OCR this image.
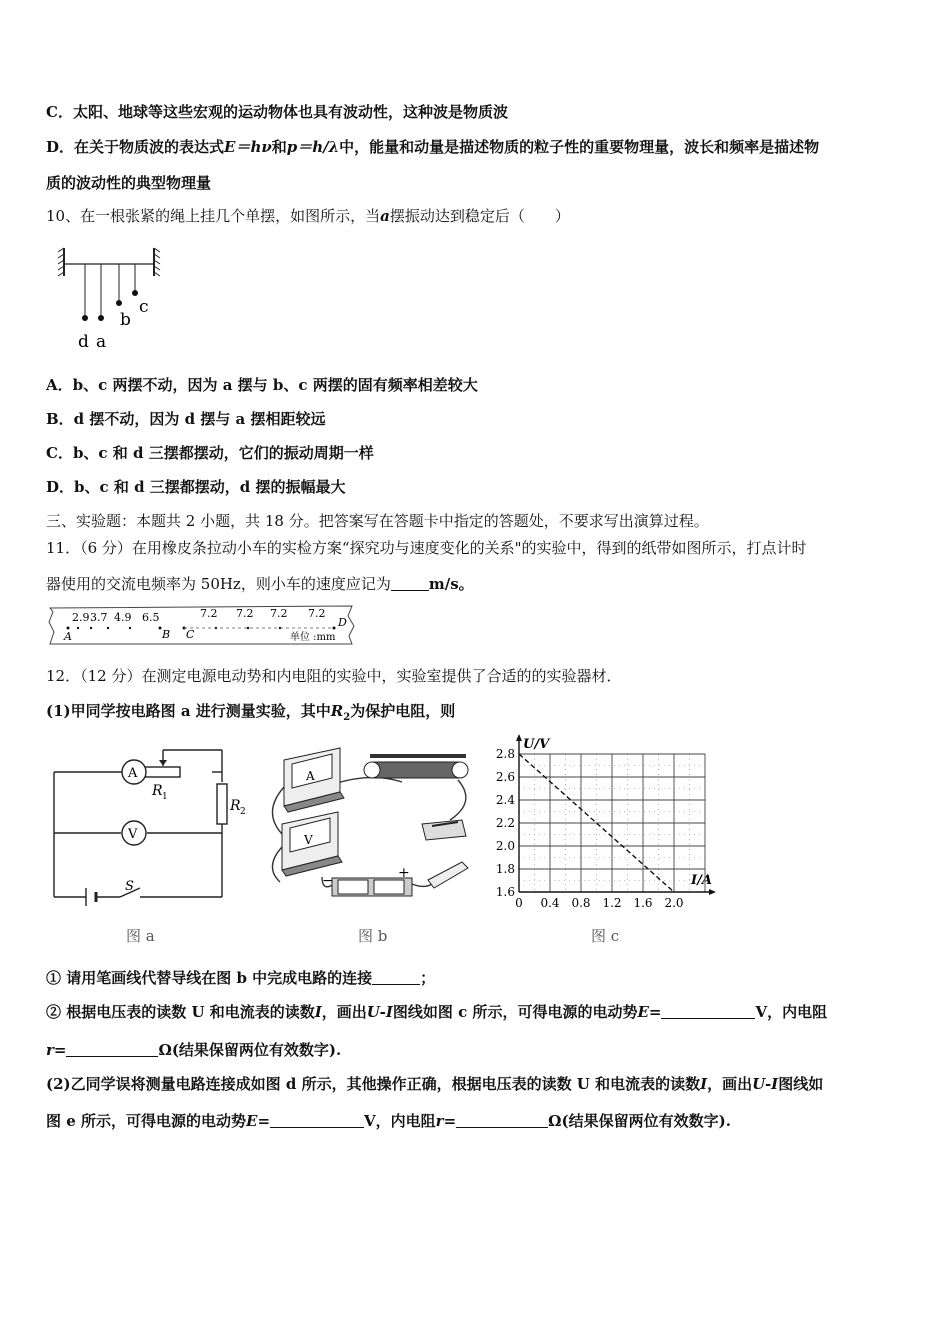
C．太阳、地球等这些宏观的运动物体也具有波动性，这种波是物质波
D．在关于物质波的表达式E＝hν和p＝h/λ中，能量和动量是描述物质的粒子性的重要物理量，波长和频率是描述物
质的波动性的典型物理量
10、在一根张紧的绳上挂几个单摆，如图所示，当a摆振动达到稳定后（　　）
d a
b
c
A．b、c 两摆不动，因为 a 摆与 b、c 两摆的固有频率相差较大
B．d 摆不动，因为 d 摆与 a 摆相距较远
C．b、c 和 d 三摆都摆动，它们的振动周期一样
D．b、c 和 d 三摆都摆动，d 摆的振幅最大
三、实验题：本题共 2 小题，共 18 分。把答案写在答题卡中指定的答题处，不要求写出演算过程。
11．（6 分）在用橡皮条拉动小车的实检方案“探究功与速度变化的关系"的实验中，得到的纸带如图所示，打点计时
器使用的交流电频率为 50Hz，则小车的速度应记为	m/s。
2.9 3.7 4.9 6.5	7.2 7.2 7.2 7.2
A	B C
D
单位 :mm
12．（12 分）在测定电源电动势和内电阻的实验中，实验室提供了合适的的实验器材．
(1)甲同学按电路图 a 进行测量实验，其中$R_2$为保护电阻，则
A
V
R 1
R 2
S
图 a
A
V
−	+
图 b
U/V
I/A
1.6
1.8
2.0
2.2
2.4
2.6
2.8
0 0.4 0.8 1.2 1.6 2.0
图 c
① 请用笔画线代替导线在图 b 中完成电路的连接	；
② 根据电压表的读数 U 和电流表的读数I，画出U-I图线如图 c 所示，可得电源的电动势E=	V，内电阻
r=	Ω(结果保留两位有效数字).
(2)乙同学误将测量电路连接成如图 d 所示，其他操作正确，根据电压表的读数 U 和电流表的读数I，画出U-I图线如
图 e 所示，可得电源的电动势E=	V，内电阻r=	Ω(结果保留两位有效数字).
